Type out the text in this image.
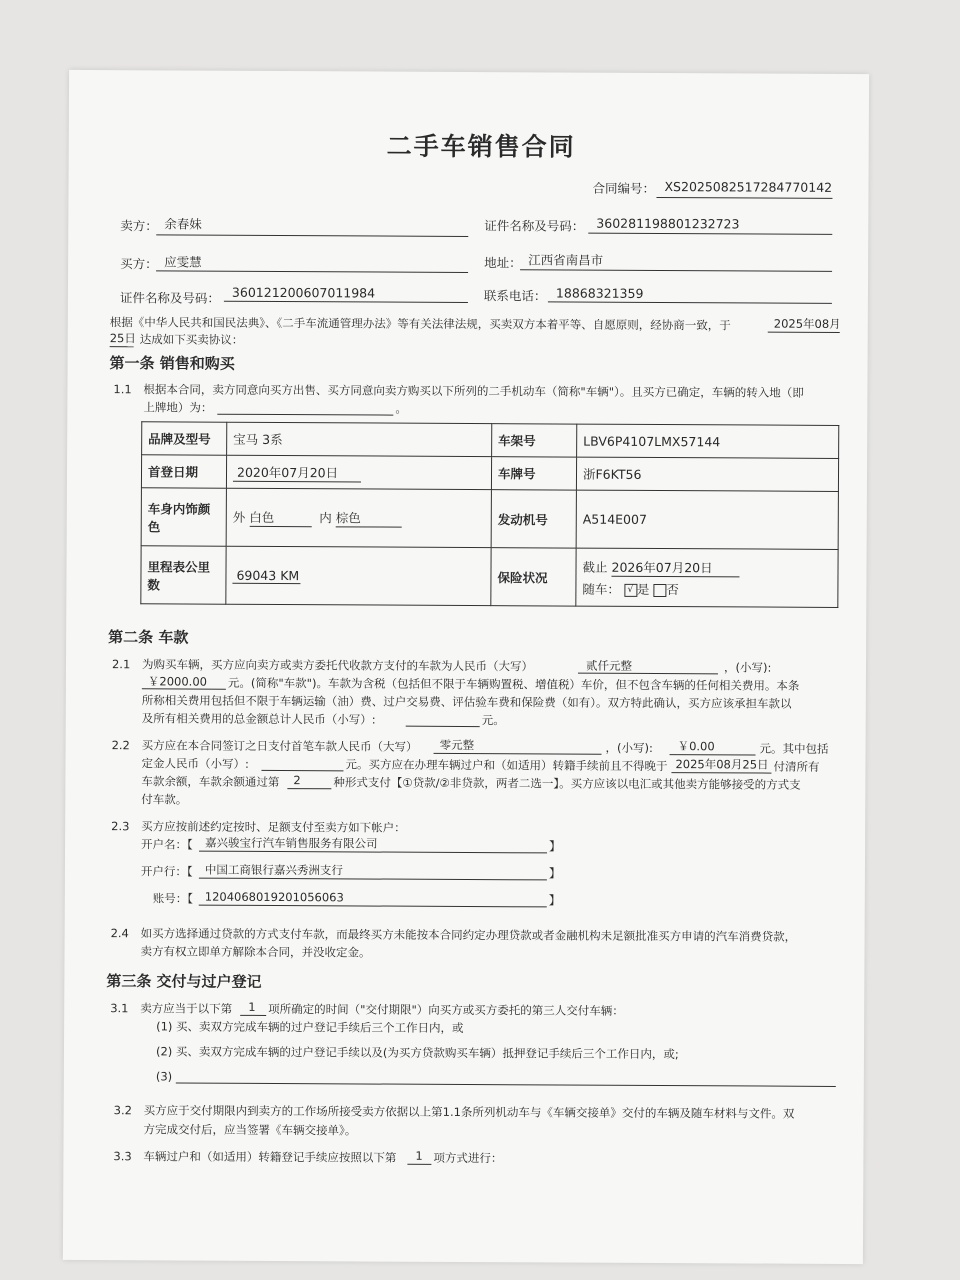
二手车销售合同
合同编号： XS2025082517284770142
卖方： 余春妹	证件名称及号码： 360281198801232723
买方： 应雯慧	地址： 江西省南昌市
证件名称及号码： 360121200607011984	联系电话： 18868321359
根据《中华人民共和国民法典》、《二手车流通管理办法》等有关法律法规，买卖双方本着平等、自愿原则，经协商一致，于	2025年08月
25日 达成如下买卖协议：
第一条 销售和购买
1.1 根据本合同，卖方同意向买方出售、买方同意向卖方购买以下所列的二手机动车（简称"车辆"）。且买方已确定，车辆的转入地（即
上牌地）为：	。
品牌及型号	宝马 3系	车架号	LBV6P4107LMX57144
首登日期	2020年07月20日	车牌号	浙F6KT56
车身内饰颜色	外 白色 内 棕色	发动机号	A514E007
里程表公里数	69043 KM	保险状况	截止 2026年07月20日
随车： √ 是 否
第二条 车款
2.1 为购买车辆，买方应向卖方或卖方委托代收款方支付的车款为人民币（大写）	贰仟元整	，(小写):
￥2000.00 元。(简称"车款")。车款为含税（包括但不限于车辆购置税、增值税）车价，但不包含车辆的任何相关费用。本条
所称相关费用包括但不限于车辆运输（油）费、过户交易费、评估验车费和保险费（如有）。双方特此确认，买方应该承担车款以
及所有相关费用的总金额总计人民币（小写）:	元。
2.2 买方应在本合同签订之日支付首笔车款人民币（大写） 零元整	，(小写): ￥0.00	元。其中包括
定金人民币（小写）:	元。买方应在办理车辆过户和（如适用）转籍手续前且不得晚于 2025年08月25日 付清所有
车款余额，车款余额通过第 2	种形式支付【①贷款/②非贷款，两者二选一】。买方应该以电汇或其他卖方能够接受的方式支
付车款。
2.3 买方应按前述约定按时、足额支付至卖方如下帐户：
开户名：【 嘉兴骏宝行汽车销售服务有限公司	】
开户行：【 中国工商银行嘉兴秀洲支行	】
账号：【 1204068019201056063	】
2.4 如买方选择通过贷款的方式支付车款，而最终买方未能按本合同约定办理贷款或者金融机构未足额批准买方申请的汽车消费贷款，
卖方有权立即单方解除本合同，并没收定金。
第三条 交付与过户登记
3.1 卖方应当于以下第 1 项所确定的时间（"交付期限"）向买方或买方委托的第三人交付车辆：
(1) 买、卖双方完成车辆的过户登记手续后三个工作日内，或
(2) 买、卖双方完成车辆的过户登记手续以及(为买方贷款购买车辆）抵押登记手续后三个工作日内，或;
(3)
3.2 买方应于交付期限内到卖方的工作场所接受卖方依据以上第1.1条所列机动车与《车辆交接单》交付的车辆及随车材料与文件。双
方完成交付后，应当签署《车辆交接单》。
3.3 车辆过户和（如适用）转籍登记手续应按照以下第 1 项方式进行：
